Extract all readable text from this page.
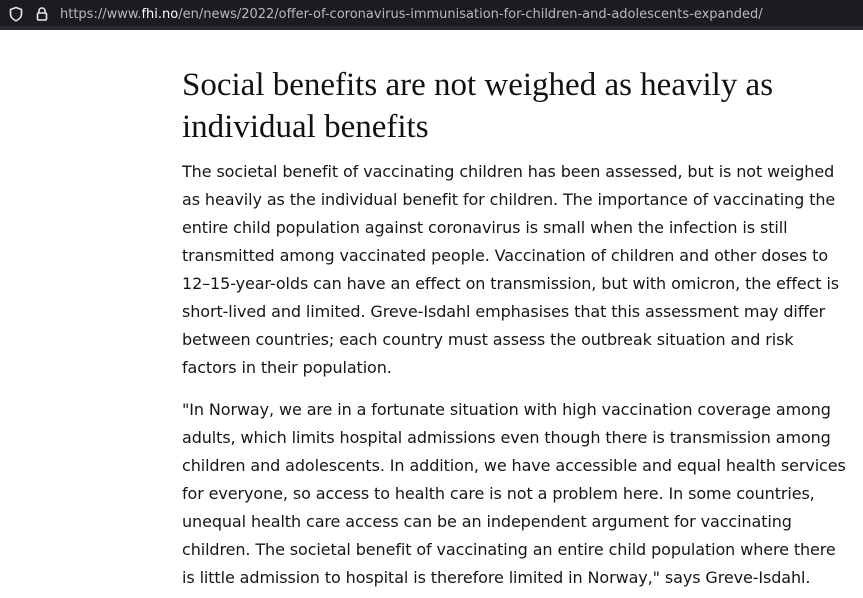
https://www.fhi.no/en/news/2022/offer-of-coronavirus-immunisation-for-children-and-adolescents-expanded/
Social benefits are not weighed as heavily as individual benefits

The societal benefit of vaccinating children has been assessed, but is not weighed as heavily as the individual benefit for children. The importance of vaccinating the entire child population against coronavirus is small when the infection is still transmitted among vaccinated people. Vaccination of children and other doses to 12–15-year-olds can have an effect on transmission, but with omicron, the effect is short-lived and limited. Greve-Isdahl emphasises that this assessment may differ between countries; each country must assess the outbreak situation and risk factors in their population.

"In Norway, we are in a fortunate situation with high vaccination coverage among adults, which limits hospital admissions even though there is transmission among children and adolescents. In addition, we have accessible and equal health services for everyone, so access to health care is not a problem here. In some countries, unequal health care access can be an independent argument for vaccinating children. The societal benefit of vaccinating an entire child population where there is little admission to hospital is therefore limited in Norway," says Greve-Isdahl.
